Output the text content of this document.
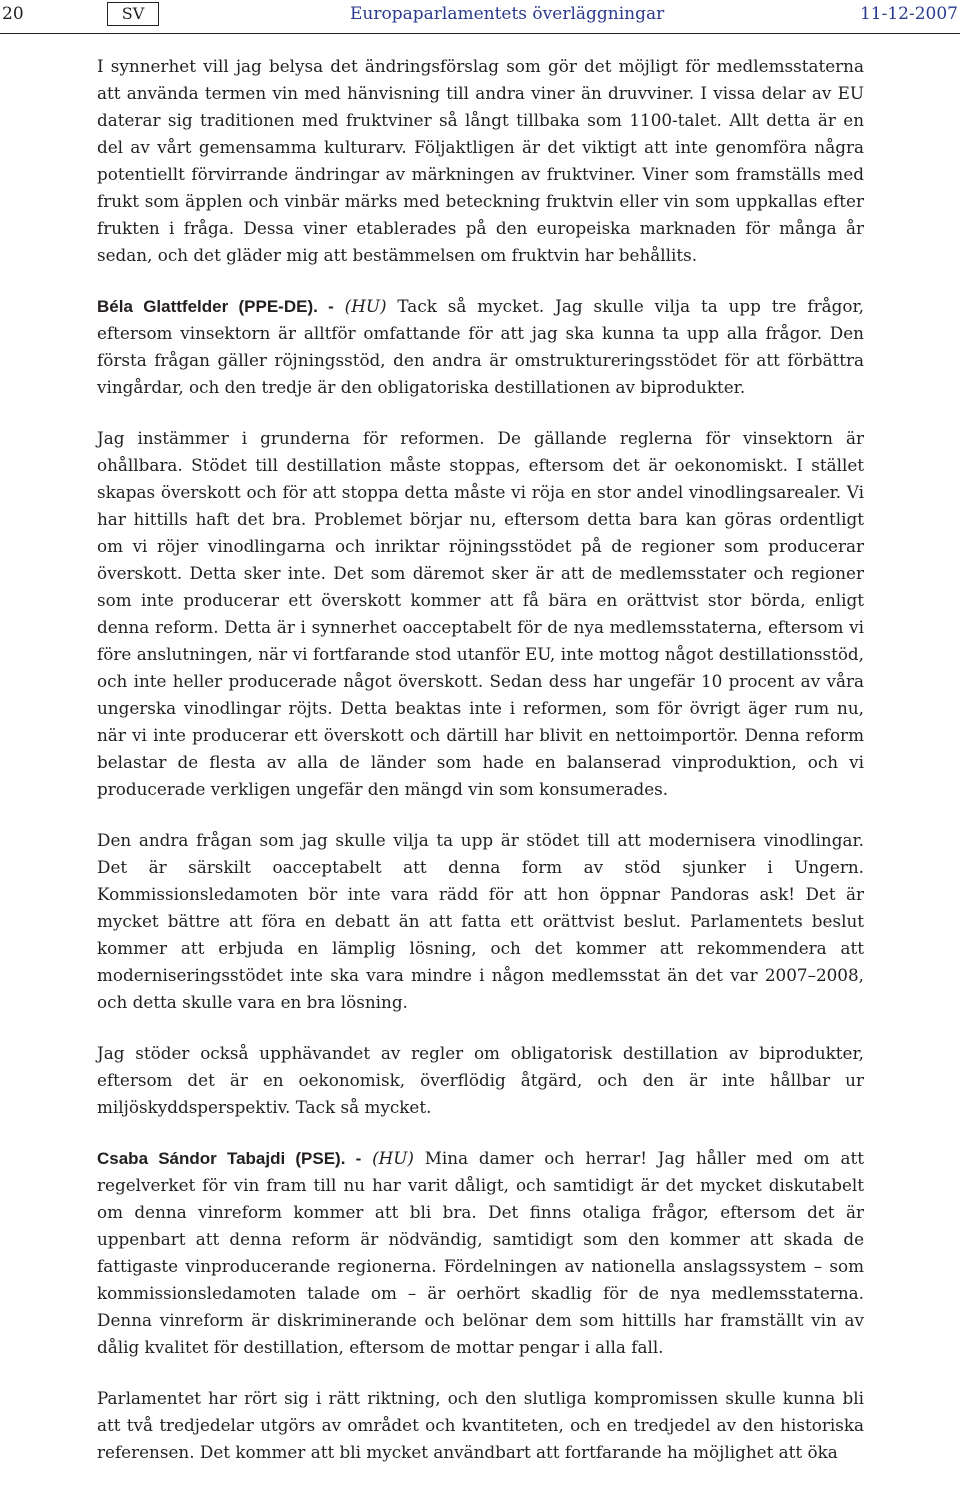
20	SV	Europaparlamentets överläggningar	11-12-2007

I synnerhet vill jag belysa det ändringsförslag som gör det möjligt för medlemsstaterna att använda termen vin med hänvisning till andra viner än druvviner. I vissa delar av EU daterar sig traditionen med fruktviner så långt tillbaka som 1100-talet. Allt detta är en del av vårt gemensamma kulturarv. Följaktligen är det viktigt att inte genomföra några potentiellt förvirrande ändringar av märkningen av fruktviner. Viner som framställs med frukt som äpplen och vinbär märks med beteckning fruktvin eller vin som uppkallas efter frukten i fråga. Dessa viner etablerades på den europeiska marknaden för många år sedan, och det gläder mig att bestämmelsen om fruktvin har behållits.

Béla Glattfelder (PPE-DE). - (HU) Tack så mycket. Jag skulle vilja ta upp tre frågor, eftersom vinsektorn är alltför omfattande för att jag ska kunna ta upp alla frågor. Den första frågan gäller röjningsstöd, den andra är omstruktureringsstödet för att förbättra vingårdar, och den tredje är den obligatoriska destillationen av biprodukter.

Jag instämmer i grunderna för reformen. De gällande reglerna för vinsektorn är ohållbara. Stödet till destillation måste stoppas, eftersom det är oekonomiskt. I stället skapas överskott och för att stoppa detta måste vi röja en stor andel vinodlingsarealer. Vi har hittills haft det bra. Problemet börjar nu, eftersom detta bara kan göras ordentligt om vi röjer vinodlingarna och inriktar röjningsstödet på de regioner som producerar överskott. Detta sker inte. Det som däremot sker är att de medlemsstater och regioner som inte producerar ett överskott kommer att få bära en orättvist stor börda, enligt denna reform. Detta är i synnerhet oacceptabelt för de nya medlemsstaterna, eftersom vi före anslutningen, när vi fortfarande stod utanför EU, inte mottog något destillationsstöd, och inte heller producerade något överskott. Sedan dess har ungefär 10 procent av våra ungerska vinodlingar röjts. Detta beaktas inte i reformen, som för övrigt äger rum nu, när vi inte producerar ett överskott och därtill har blivit en nettoimportör. Denna reform belastar de flesta av alla de länder som hade en balanserad vinproduktion, och vi producerade verkligen ungefär den mängd vin som konsumerades.

Den andra frågan som jag skulle vilja ta upp är stödet till att modernisera vinodlingar. Det är särskilt oacceptabelt att denna form av stöd sjunker i Ungern. Kommissionsledamoten bör inte vara rädd för att hon öppnar Pandoras ask! Det är mycket bättre att föra en debatt än att fatta ett orättvist beslut. Parlamentets beslut kommer att erbjuda en lämplig lösning, och det kommer att rekommendera att moderniseringsstödet inte ska vara mindre i någon medlemsstat än det var 2007–2008, och detta skulle vara en bra lösning.

Jag stöder också upphävandet av regler om obligatorisk destillation av biprodukter, eftersom det är en oekonomisk, överflödig åtgärd, och den är inte hållbar ur miljöskyddsperspektiv. Tack så mycket.

Csaba Sándor Tabajdi (PSE). - (HU) Mina damer och herrar! Jag håller med om att regelverket för vin fram till nu har varit dåligt, och samtidigt är det mycket diskutabelt om denna vinreform kommer att bli bra. Det finns otaliga frågor, eftersom det är uppenbart att denna reform är nödvändig, samtidigt som den kommer att skada de fattigaste vinproducerande regionerna. Fördelningen av nationella anslagssystem – som kommissionsledamoten talade om – är oerhört skadlig för de nya medlemsstaterna. Denna vinreform är diskriminerande och belönar dem som hittills har framställt vin av dålig kvalitet för destillation, eftersom de mottar pengar i alla fall.

Parlamentet har rört sig i rätt riktning, och den slutliga kompromissen skulle kunna bli att två tredjedelar utgörs av området och kvantiteten, och en tredjedel av den historiska referensen. Det kommer att bli mycket användbart att fortfarande ha möjlighet att öka
